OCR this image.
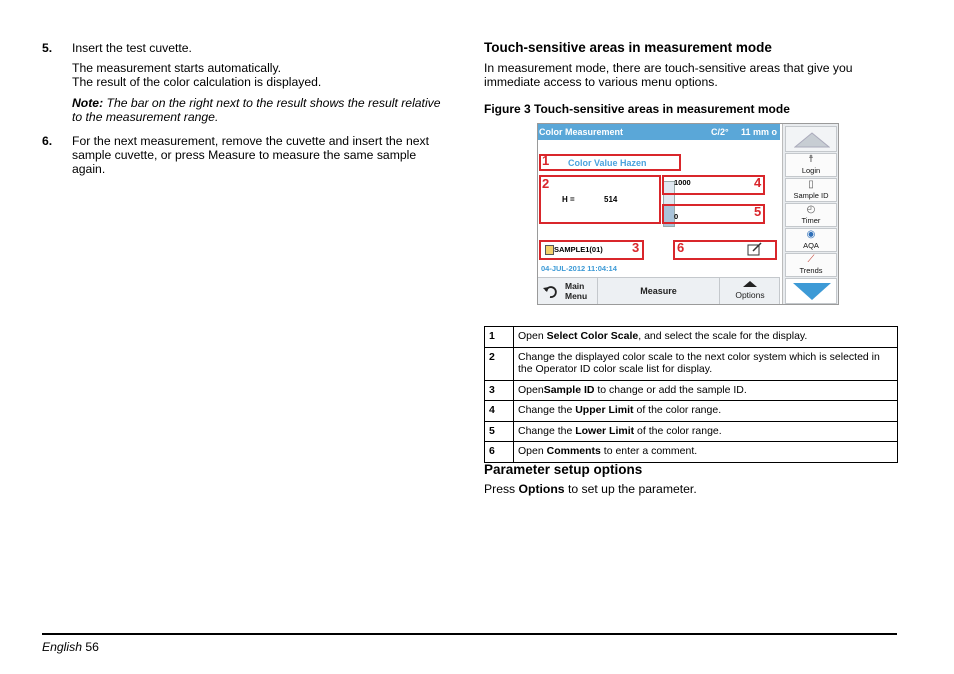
5. Insert the test cuvette.
The measurement starts automatically.
The result of the color calculation is displayed.
Note: The bar on the right next to the result shows the result relative
to the measurement range.
6. For the next measurement, remove the cuvette and insert the next
sample cuvette, or press Measure to measure the same sample
again.
Touch-sensitive areas in measurement mode
In measurement mode, there are touch-sensitive areas that give you
immediate access to various menu options.
Figure 3 Touch-sensitive areas in measurement mode
Color Measurement	C/2° 11 mm o
1 Color Value Hazen
2
H =	514
1000	4
0	5
SAMPLE1(01) 3
04-JUL-2012 11:04:14
6
Main
Menu	Measure	Options
☨
Login
▯
Sample ID
◴
Timer
◉
AQA
⟋
Trends
1	Open Select Color Scale, and select the scale for the display.
2	Change the displayed color scale to the next color system which is selected in the Operator ID color scale list for display.
3	OpenSample ID to change or add the sample ID.
4	Change the Upper Limit of the color range.
5	Change the Lower Limit of the color range.
6	Open Comments to enter a comment.
Parameter setup options
Press Options to set up the parameter.
English 56
